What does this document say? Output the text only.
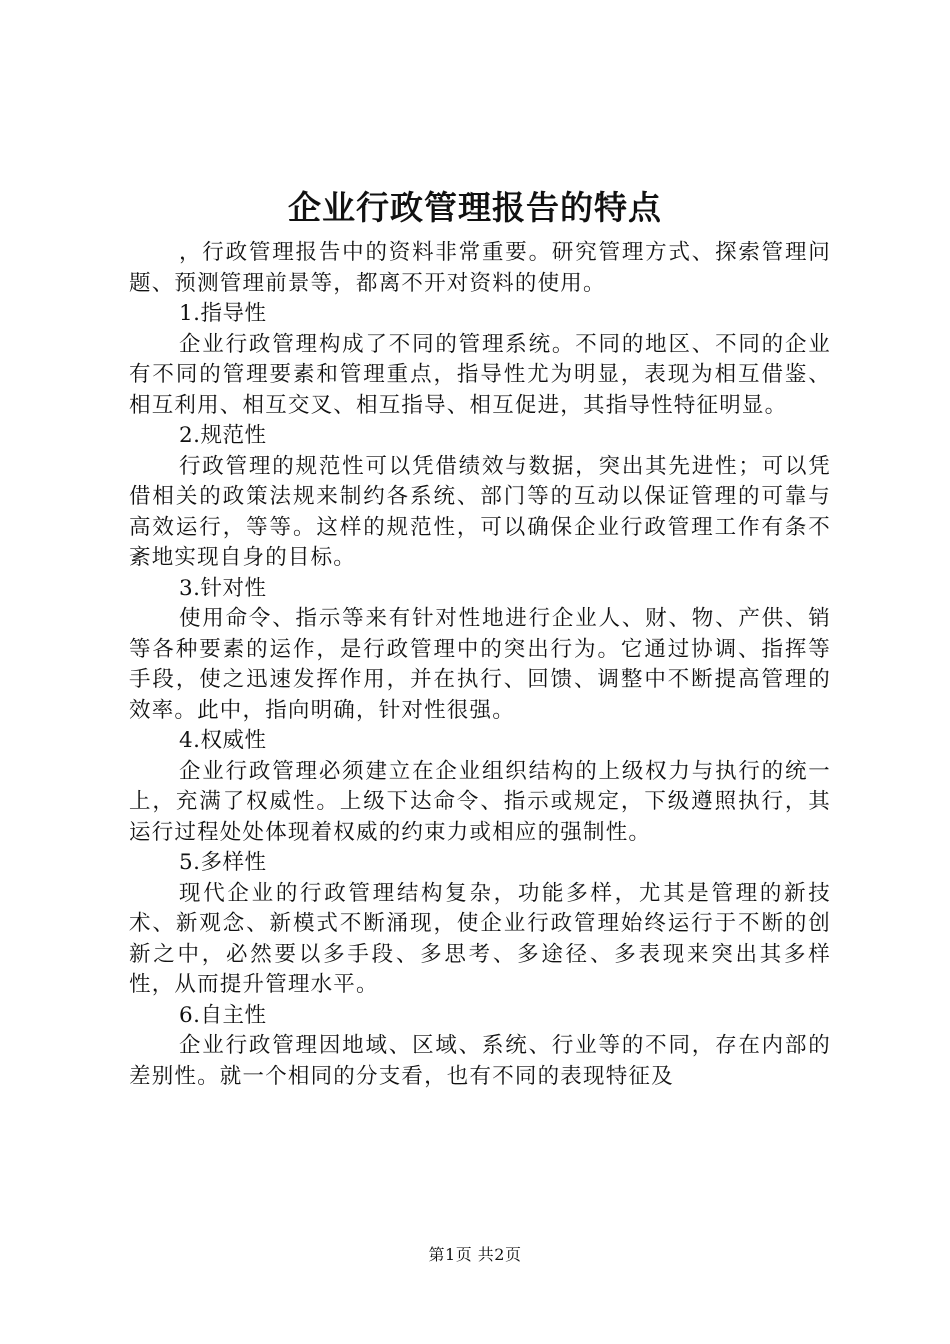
企业行政管理报告的特点

，行政管理报告中的资料非常重要。研究管理方式、探索管理问题、预测管理前景等，都离不开对资料的使用。

1.指导性

企业行政管理构成了不同的管理系统。不同的地区、不同的企业有不同的管理要素和管理重点，指导性尤为明显，表现为相互借鉴、相互利用、相互交叉、相互指导、相互促进，其指导性特征明显。

2.规范性

行政管理的规范性可以凭借绩效与数据，突出其先进性；可以凭借相关的政策法规来制约各系统、部门等的互动以保证管理的可靠与高效运行，等等。这样的规范性，可以确保企业行政管理工作有条不紊地实现自身的目标。

3.针对性

使用命令、指示等来有针对性地进行企业人、财、物、产供、销等各种要素的运作，是行政管理中的突出行为。它通过协调、指挥等手段，使之迅速发挥作用，并在执行、回馈、调整中不断提高管理的效率。此中，指向明确，针对性很强。

4.权威性

企业行政管理必须建立在企业组织结构的上级权力与执行的统一上，充满了权威性。上级下达命令、指示或规定，下级遵照执行，其运行过程处处体现着权威的约束力或相应的强制性。

5.多样性

现代企业的行政管理结构复杂，功能多样，尤其是管理的新技术、新观念、新模式不断涌现，使企业行政管理始终运行于不断的创新之中，必然要以多手段、多思考、多途径、多表现来突出其多样性，从而提升管理水平。

6.自主性

企业行政管理因地域、区域、系统、行业等的不同，存在内部的差别性。就一个相同的分支看，也有不同的表现特征及

第1页 共2页
